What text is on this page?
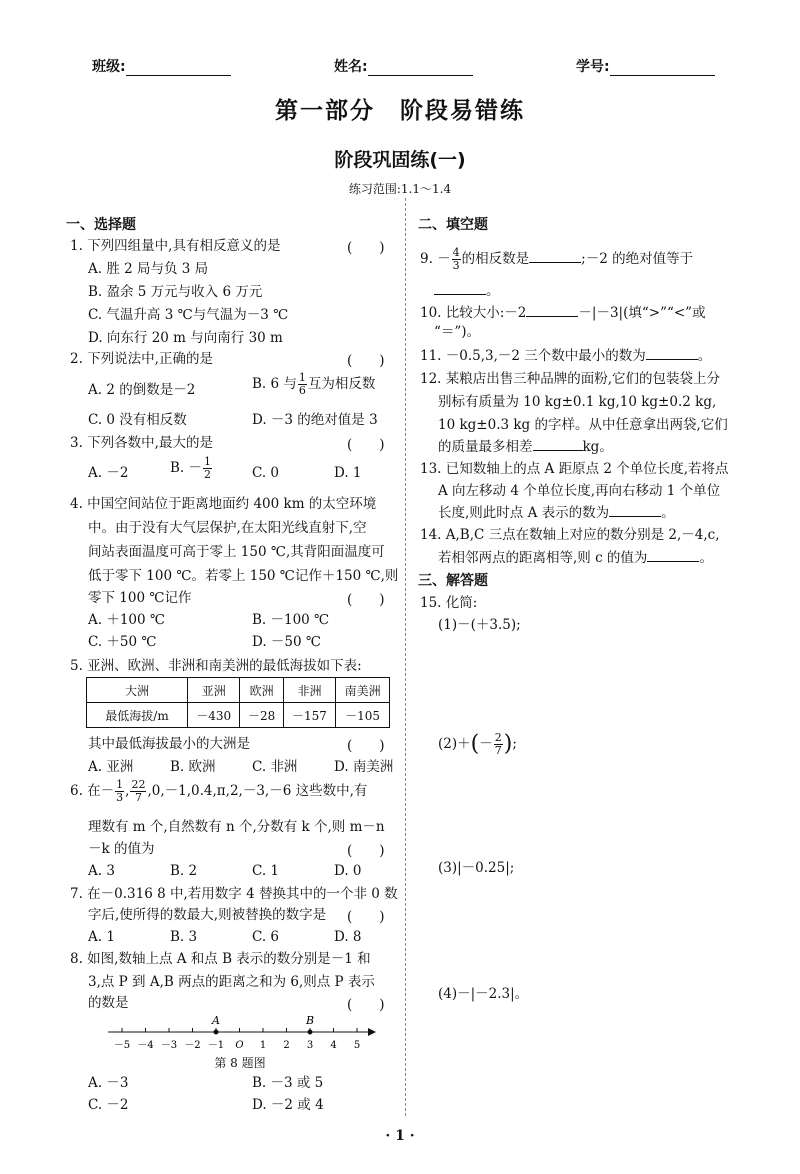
班级:	姓名:	学号:
第一部分　阶段易错练
阶段巩固练(一)
练习范围:1.1～1.4
一、选择题
1. 下列四组量中,具有相反意义的是	(　　)
A. 胜 2 局与负 3 局
B. 盈余 5 万元与收入 6 万元
C. 气温升高 3 ℃与气温为－3 ℃
D. 向东行 20 m 与向南行 30 m
2. 下列说法中,正确的是	(　　)
A. 2 的倒数是－2	B. 6 与 $\frac{1}{6}$ 互为相反数
C. 0 没有相反数	D. －3 的绝对值是 3
3. 下列各数中,最大的是	(　　)
A. －2	B. － $\frac{1}{2}$	C. 0	D. 1
4. 中国空间站位于距离地面约 400 km 的太空环境
中。由于没有大气层保护,在太阳光线直射下,空
间站表面温度可高于零上 150 ℃,其背阳面温度可
低于零下 100 ℃。若零上 150 ℃记作＋150 ℃,则
零下 100 ℃记作	(　　)
A. ＋100 ℃	B. －100 ℃
C. ＋50 ℃	D. －50 ℃
5. 亚洲、欧洲、非洲和南美洲的最低海拔如下表:
大洲	亚洲	欧洲	非洲	南美洲
最低海拔/m	－430	－28	－157	－105
其中最低海拔最小的大洲是	(　　)
A. 亚洲	B. 欧洲	C. 非洲	D. 南美洲
6. 在－ $\frac{1}{3}$ , $\frac{22}{7} ,0,-1,0.4,\pi,2,-3,-6$ 这些数中,有
理数有 m 个,自然数有 n 个,分数有 k 个,则 m－n
－k 的值为	(　　)
A. 3	B. 2	C. 1	D. 0
7. 在－0.316 8 中,若用数字 4 替换其中的一个非 0 数
字后,使所得的数最大,则被替换的数字是 (　　)
A. 1	B. 3	C. 6	D. 8
8. 如图,数轴上点 A 和点 B 表示的数分别是－1 和
3,点 P 到 A,B 两点的距离之和为 6,则点 P 表示
的数是	(　　)
－5 －4 －3 －2 －1 O 1 2 3 4 5
A	B
第 8 题图
A. －3	B. －3 或 5
C. －2	D. －2 或 4
二、填空题
9. － $\frac{4}{3}$ 的相反数是	;－2 的绝对值等于
。
10. 比较大小:－2	－|－3|(填“>”“<”或
“＝”)。
11. －0.5,3,－2 三个数中最小的数为	。
12. 某粮店出售三种品牌的面粉,它们的包装袋上分
别标有质量为 10 kg±0.1 kg,10 kg±0.2 kg,
10 kg±0.3 kg 的字样。从中任意拿出两袋,它们
的质量最多相差	kg。
13. 已知数轴上的点 A 距原点 2 个单位长度,若将点
A 向左移动 4 个单位长度,再向右移动 1 个单位
长度,则此时点 A 表示的数为	。
14. A,B,C 三点在数轴上对应的数分别是 2,－4,c,
若相邻两点的距离相等,则 c 的值为	。
三、解答题
15. 化简:
(1)－(＋3.5);
$(2)+(- \frac{2}{7}$ );
(3)|－0.25|;
(4)－|－2.3|。
· 1 ·
